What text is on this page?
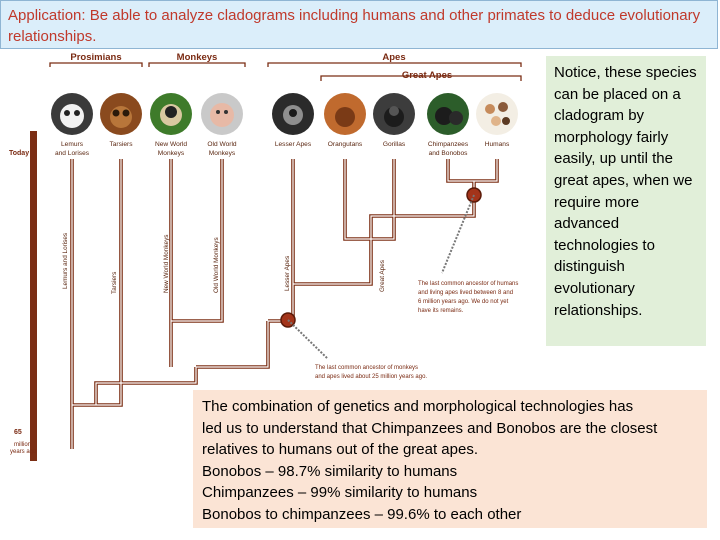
Application: Be able to analyze cladograms including humans and other primates to deduce evolutionary relationships.
Today
65
million
years ago
Prosimians	Monkeys	Apes
Great Apes
Lemurs
and Lorises
Tarsiers	New World
Monkeys
Old World
Monkeys
Lesser Apes	Orangutans	Gorillas	Chimpanzees
and Bonobos
Humans
Lemurs and Lorises	Tarsiers	New World Monkeys	Old World Monkeys	Lesser Apes	Great Apes	The last common ancestor of humans
and living apes lived between 8 and
6 million years ago. We do not yet
have its remains.
The last common ancestor of monkeys
and apes lived about 25 million years ago.
Notice, these species can be placed on a cladogram by morphology fairly easily, up until the great apes, when we require more advanced technologies to distinguish evolutionary relationships.
The combination of genetics and morphological technologies has
led us to understand that Chimpanzees and Bonobos are the closest
relatives to humans out of the great apes.
Bonobos – 98.7% similarity to humans
Chimpanzees – 99% similarity to humans
Bonobos to chimpanzees – 99.6% to each other
